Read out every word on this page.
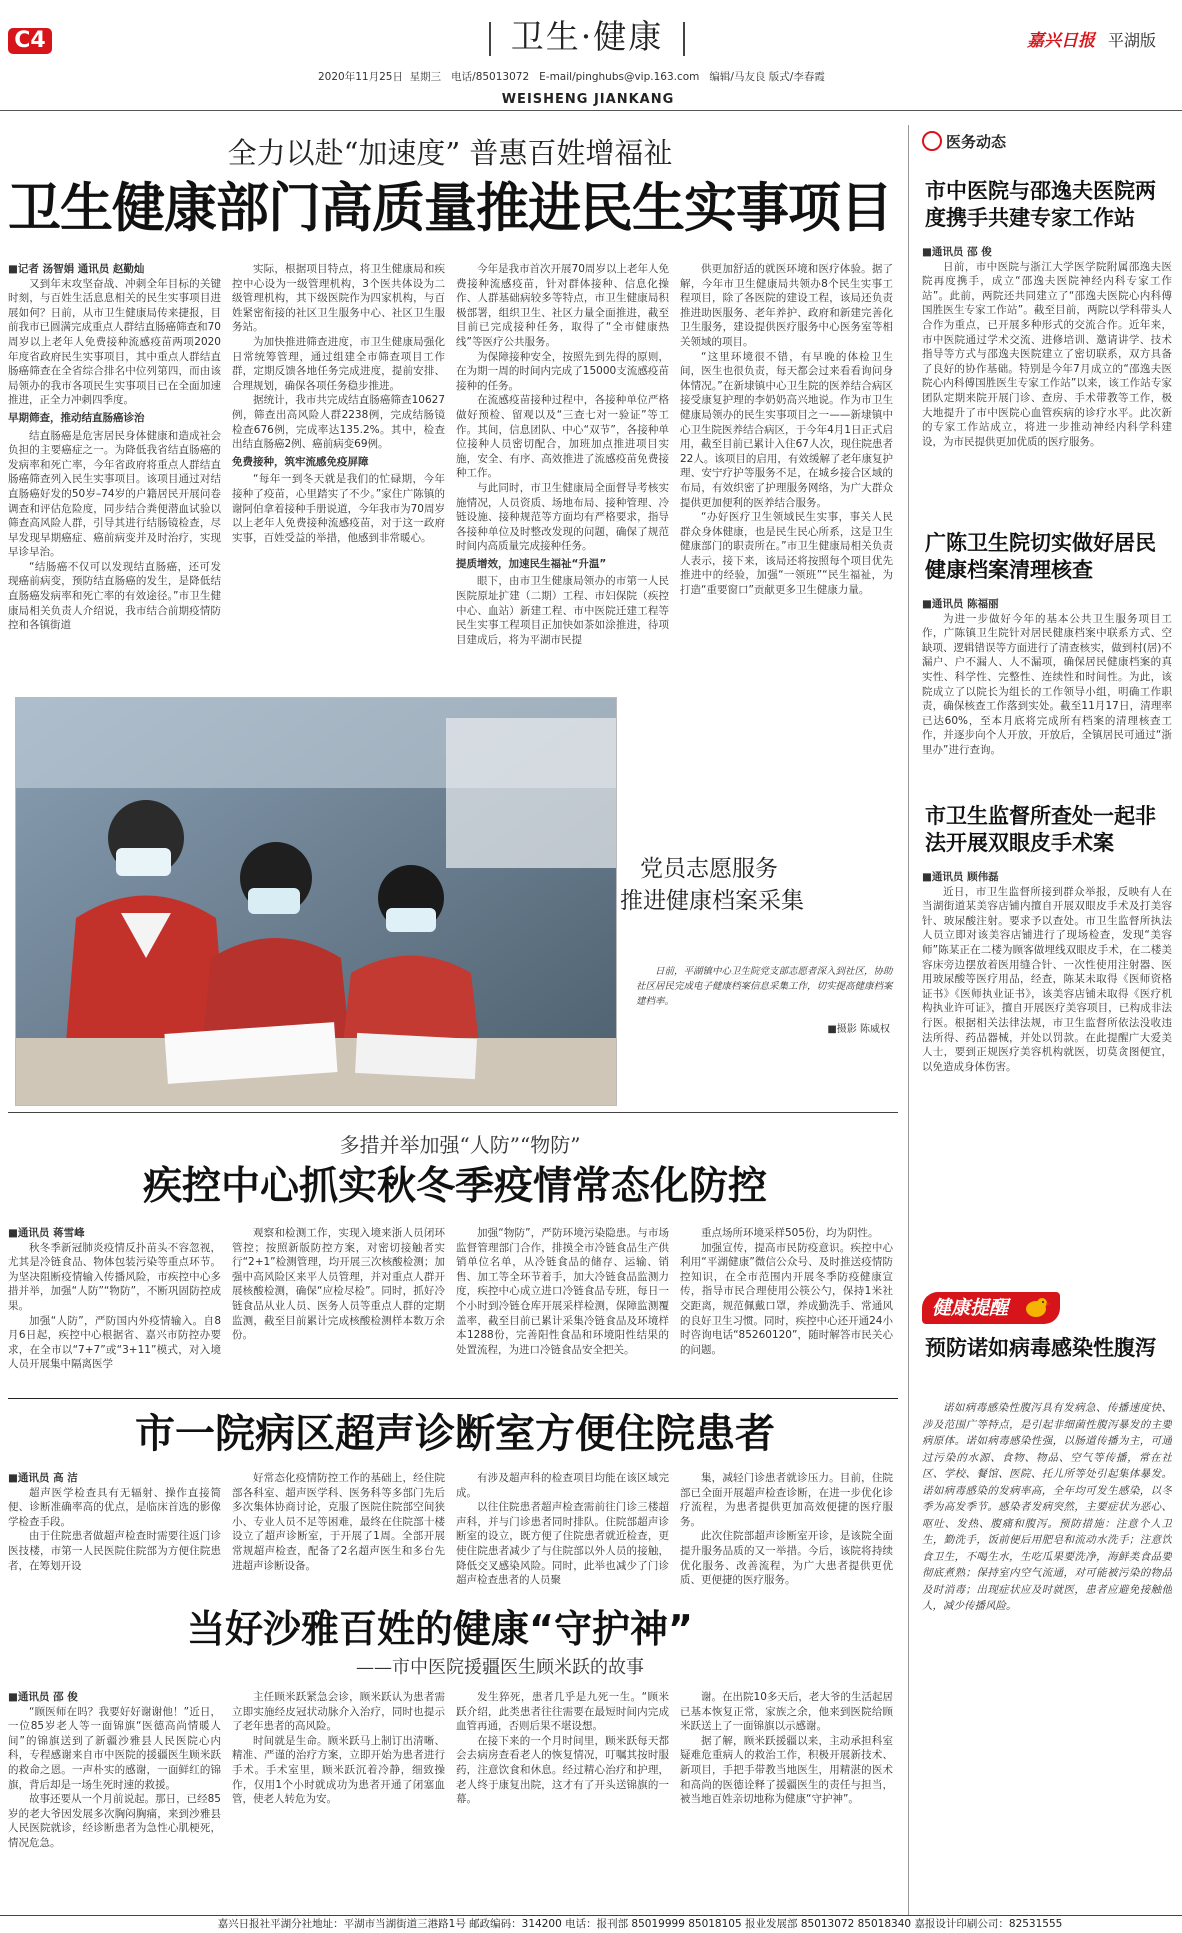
C4	卫生·健康
2020年11月25日 星期三 电话/85013072 E-mail/pinghubs@vip.163.com 编辑/马友良 版式/李春霞
WEISHENG JIANKANG
嘉兴日报 平湖版
全力以赴“加速度” 普惠百姓增福祉
卫生健康部门高质量推进民生实事项目

■记者 汤智娟 通讯员 赵勤灿

又到年末攻坚奋战、冲刺全年目标的关键时刻，与百姓生活息息相关的民生实事项目进展如何？日前，从市卫生健康局传来捷报，目前我市已圆满完成重点人群结直肠癌筛查和70周岁以上老年人免费接种流感疫苗两项2020年度省政府民生实事项目，其中重点人群结直肠癌筛查在全省综合排名中位列第四，而由该局领办的我市各项民生实事项目已在全面加速推进，正全力冲刺四季度。

早期筛查，推动结直肠癌诊治

结直肠癌是危害居民身体健康和造成社会负担的主要癌症之一。为降低我省结直肠癌的发病率和死亡率，今年省政府将重点人群结直肠癌筛查列入民生实事项目。该项目通过对结直肠癌好发的50岁–74岁的户籍居民开展问卷调查和评估危险度，同步结合粪便潜血试验以筛查高风险人群，引导其进行结肠镜检查，尽早发现早期癌症、癌前病变并及时治疗，实现早诊早治。

“结肠癌不仅可以发现结直肠癌，还可发现癌前病变，预防结直肠癌的发生，是降低结直肠癌发病率和死亡率的有效途径。”市卫生健康局相关负责人介绍说，我市结合前期疫情防控和各镇街道

实际，根据项目特点，将卫生健康局和疾控中心设为一级管理机构，3个医共体设为二级管理机构，其下级医院作为四家机构，与百姓紧密衔接的社区卫生服务中心、社区卫生服务站。

为加快推进筛查进度，市卫生健康局强化日常统筹管理，通过组建全市筛查项目工作群，定期反馈各地任务完成进度，提前安排、合理规划，确保各项任务稳步推进。

据统计，我市共完成结直肠癌筛查10627例，筛查出高风险人群2238例，完成结肠镜检查676例，完成率达135.2%。其中，检查出结直肠癌2例、癌前病变69例。

免费接种，筑牢流感免疫屏障

“每年一到冬天就是我们的忙碌期，今年接种了疫苗，心里踏实了不少。”家住广陈镇的谢阿伯拿着接种手册说道，今年我市为70周岁以上老年人免费接种流感疫苗，对于这一政府实事，百姓受益的举措，他感到非常暖心。

今年是我市首次开展70周岁以上老年人免费接种流感疫苗，针对群体接种、信息化操作、人群基础病较多等特点，市卫生健康局积极部署，组织卫生、社区力量全面推进，截至目前已完成接种任务，取得了“全市健康热线”等医疗公共服务。

为保障接种安全，按照先到先得的原则，在为期一周的时间内完成了15000支流感疫苗接种的任务。

在流感疫苗接种过程中，各接种单位严格做好预检、留观以及“三查七对一验证”等工作。其间，信息团队、中心“双节”，各接种单位接种人员密切配合，加班加点推进项目实施，安全、有序、高效推进了流感疫苗免费接种工作。

与此同时，市卫生健康局全面督导考核实施情况，人员资质、场地布局、接种管理、冷链设施、接种规范等方面均有严格要求，指导各接种单位及时整改发现的问题，确保了规范时间内高质量完成接种任务。

提质增效，加速民生福祉“升温”

眼下，由市卫生健康局领办的市第一人民医院原址扩建（二期）工程、市妇保院（疾控中心、血站）新建工程、市中医院迁建工程等民生实事工程项目正加快如茶如涂推进，待项目建成后，将为平湖市民提

供更加舒适的就医环境和医疗体验。据了解，今年市卫生健康局共领办8个民生实事工程项目，除了各医院的建设工程，该局还负责推进助医服务、老年养护、政府和新建完善化卫生服务，建设提供医疗服务中心医务室等相关领域的项目。

“这里环境很不错，有早晚的体检卫生间，医生也很负责，每天都会过来看看询问身体情况。”在新埭镇中心卫生院的医养结合病区接受康复护理的李奶奶高兴地说。作为市卫生健康局领办的民生实事项目之一——新埭镇中心卫生院医养结合病区，于今年4月1日正式启用，截至目前已累计入住67人次，现住院患者22人。该项目的启用，有效缓解了老年康复护理、安宁疗护等服务不足，在城乡接合区域的布局，有效织密了护理服务网络，为广大群众提供更加便利的医养结合服务。

“办好医疗卫生领域民生实事，事关人民群众身体健康，也是民生民心所系，这是卫生健康部门的职责所在。”市卫生健康局相关负责人表示，接下来，该局还将按照每个项目优先推进中的经验，加强“一领班”“民生福祉，为打造“重要窗口”贡献更多卫生健康力量。

党员志愿服务
推进健康档案采集
日前，平湖镇中心卫生院党支部志愿者深入到社区，协助社区居民完成电子健康档案信息采集工作，切实提高健康档案建档率。
■摄影 陈威权
多措并举加强“人防”“物防”
疾控中心抓实秋冬季疫情常态化防控

■通讯员 蒋雪峰

秋冬季新冠肺炎疫情反扑苗头不容忽视，尤其是冷链食品、物体包装污染等重点环节。为坚决阻断疫情输入传播风险，市疾控中心多措并举，加强“人防”“物防”，不断巩固防控成果。

加强“人防”，严防国内外疫情输入。自8月6日起，疾控中心根据省、嘉兴市防控办要求，在全市以“7+7”或“3+11”模式，对入境人员开展集中隔离医学

观察和检测工作，实现入境来浙人员闭环管控；按照新版防控方案，对密切接触者实行“2+1”检测管理，均开展三次核酸检测；加强中高风险区来平人员管理，并对重点人群开展核酸检测，确保“应检尽检”。同时，抓好冷链食品从业人员、医务人员等重点人群的定期监测，截至目前累计完成核酸检测样本数万余份。

加强“物防”，严防环境污染隐患。与市场监督管理部门合作，排摸全市冷链食品生产供销单位名单，从冷链食品的储存、运输、销售、加工等全环节着手，加大冷链食品监测力度，疾控中心成立进口冷链食品专班，每日一个小时到冷链仓库开展采样检测，保障监测覆盖率，截至目前已累计采集冷链食品及环境样本1288份，完善阳性食品和环境阳性结果的处置流程，为进口冷链食品安全把关。

重点场所环境采样505份，均为阴性。

加强宣传，提高市民防疫意识。疾控中心利用“平湖健康”微信公众号、及时推送疫情防控知识，在全市范围内开展冬季防疫健康宣传，指导市民合理使用公筷公勺，保持1米社交距离，规范佩戴口罩，养成勤洗手、常通风的良好卫生习惯。同时，疾控中心还开通24小时咨询电话“85260120”，随时解答市民关心的问题。

市一院病区超声诊断室方便住院患者

■通讯员 高 洁

超声医学检查具有无辐射、操作直接简便、诊断准确率高的优点，是临床首选的影像学检查手段。

由于住院患者做超声检查时需要往返门诊医技楼，市第一人民医院住院部为方便住院患者，在筹划开设

好常态化疫情防控工作的基础上，经住院部各科室、超声医学科、医务科等多部门先后多次集体协商讨论，克服了医院住院部空间狭小、专业人员不足等困难，最终在住院部十楼设立了超声诊断室，于开展了1周。全部开展常规超声检查，配备了2名超声医生和多台先进超声诊断设备。

有涉及超声科的检查项目均能在该区域完成。

以往住院患者超声检查需前往门诊三楼超声科，并与门诊患者同时排队。住院部超声诊断室的设立，既方便了住院患者就近检查，更使住院患者减少了与住院部以外人员的接触，降低交叉感染风险。同时，此举也减少了门诊超声检查患者的人员聚

集，减轻门诊患者就诊压力。目前，住院部已全面开展超声检查诊断，在进一步优化诊疗流程，为患者提供更加高效便捷的医疗服务。

此次住院部超声诊断室开诊，是该院全面提升服务品质的又一举措。今后，该院将持续优化服务、改善流程，为广大患者提供更优质、更便捷的医疗服务。

当好沙雅百姓的健康“守护神”
——市中医院援疆医生顾米跃的故事

■通讯员 邵 俊

“顾医师在吗？我要好好谢谢他！”近日，一位85岁老人等一面锦旗“医德高尚情暖人间”的锦旗送到了新疆沙雅县人民医院心内科，专程感谢来自市中医院的援疆医生顾米跃的救命之恩。一声朴实的感谢，一面鲜红的锦旗，背后却是一场生死时速的救援。

故事还要从一个月前说起。那日，已经85岁的老大爷因发展多次胸闷胸痛，来到沙雅县人民医院就诊，经诊断患者为急性心肌梗死，情况危急。

主任顾米跃紧急会诊，顾米跃认为患者需立即实施经皮冠状动脉介入治疗，同时也提示了老年患者的高风险。

时间就是生命。顾米跃马上制订出清晰、精准、严谨的治疗方案，立即开始为患者进行手术。手术室里，顾米跃沉着冷静，细致操作，仅用1个小时就成功为患者开通了闭塞血管，使老人转危为安。

发生猝死，患者几乎是九死一生。“顾米跃介绍，此类患者往往需要在最短时间内完成血管再通，否则后果不堪设想。

在接下来的一个月时间里，顾米跃每天都会去病房查看老人的恢复情况，叮嘱其按时服药，注意饮食和休息。经过精心治疗和护理，老人终于康复出院，这才有了开头送锦旗的一幕。

谢。在出院10多天后，老大爷的生活起居已基本恢复正常，家族之余，他来到医院给顾米跃送上了一面锦旗以示感谢。

据了解，顾米跃援疆以来，主动承担科室疑难危重病人的救治工作，积极开展新技术、新项目，手把手带教当地医生，用精湛的医术和高尚的医德诠释了援疆医生的责任与担当，被当地百姓亲切地称为健康“守护神”。

医务动态
市中医院与邵逸夫医院两度携手共建专家工作站

■通讯员 邵 俊

日前，市中医院与浙江大学医学院附属邵逸夫医院再度携手，成立“邵逸夫医院神经内科专家工作站”。此前，两院还共同建立了“邵逸夫医院心内科傅国胜医生专家工作站”。截至目前，两院以学科带头人合作为重点，已开展多种形式的交流合作。近年来，市中医院通过学术交流、进修培训、邀请讲学、技术指导等方式与邵逸夫医院建立了密切联系，双方具备了良好的协作基础。特别是今年7月成立的“邵逸夫医院心内科傅国胜医生专家工作站”以来，该工作站专家团队定期来院开展门诊、查房、手术带教等工作，极大地提升了市中医院心血管疾病的诊疗水平。此次新的专家工作站成立，将进一步推动神经内科学科建设，为市民提供更加优质的医疗服务。

广陈卫生院切实做好居民健康档案清理核查

■通讯员 陈福丽

为进一步做好今年的基本公共卫生服务项目工作，广陈镇卫生院针对居民健康档案中联系方式、空缺项、逻辑错误等方面进行了清查核实，做到村(居)不漏户、户不漏人、人不漏项，确保居民健康档案的真实性、科学性、完整性、连续性和时间性。为此，该院成立了以院长为组长的工作领导小组，明确工作职责，确保核查工作落到实处。截至11月17日，清理率已达60%，至本月底将完成所有档案的清理核查工作，并逐步向个人开放，开放后，全镇居民可通过“浙里办”进行查询。

市卫生监督所查处一起非法开展双眼皮手术案

■通讯员 顾伟磊

近日，市卫生监督所接到群众举报，反映有人在当湖街道某美容店铺内擅自开展双眼皮手术及打美容针、玻尿酸注射。要求予以查处。市卫生监督所执法人员立即对该美容店铺进行了现场检查，发现“美容师”陈某正在二楼为顾客做埋线双眼皮手术，在二楼美容床旁边摆放着医用缝合针、一次性使用注射器、医用玻尿酸等医疗用品，经查，陈某未取得《医师资格证书》《医师执业证书》，该美容店铺未取得《医疗机构执业许可证》，擅自开展医疗美容项目，已构成非法行医。根据相关法律法规，市卫生监督所依法没收违法所得、药品器械，并处以罚款。在此提醒广大爱美人士，要到正规医疗美容机构就医，切莫贪图便宜，以免造成身体伤害。

健康提醒
预防诺如病毒感染性腹泻

诺如病毒感染性腹泻具有发病急、传播速度快、涉及范围广等特点，是引起非细菌性腹泻暴发的主要病原体。诺如病毒感染性强，以肠道传播为主，可通过污染的水源、食物、物品、空气等传播，常在社区、学校、餐馆、医院、托儿所等处引起集体暴发。诺如病毒感染的发病率高，全年均可发生感染，以冬季为高发季节。感染者发病突然，主要症状为恶心、呕吐、发热、腹痛和腹泻。预防措施：注意个人卫生，勤洗手，饭前便后用肥皂和流动水洗手；注意饮食卫生，不喝生水，生吃瓜果要洗净，海鲜类食品要彻底煮熟；保持室内空气流通，对可能被污染的物品及时消毒；出现症状应及时就医，患者应避免接触他人，减少传播风险。

嘉兴日报社平湖分社地址：平湖市当湖街道三港路1号 邮政编码：314200 电话：报刊部 85019999 85018105 报业发展部 85013072 85018340 嘉报设计印刷公司：82531555
